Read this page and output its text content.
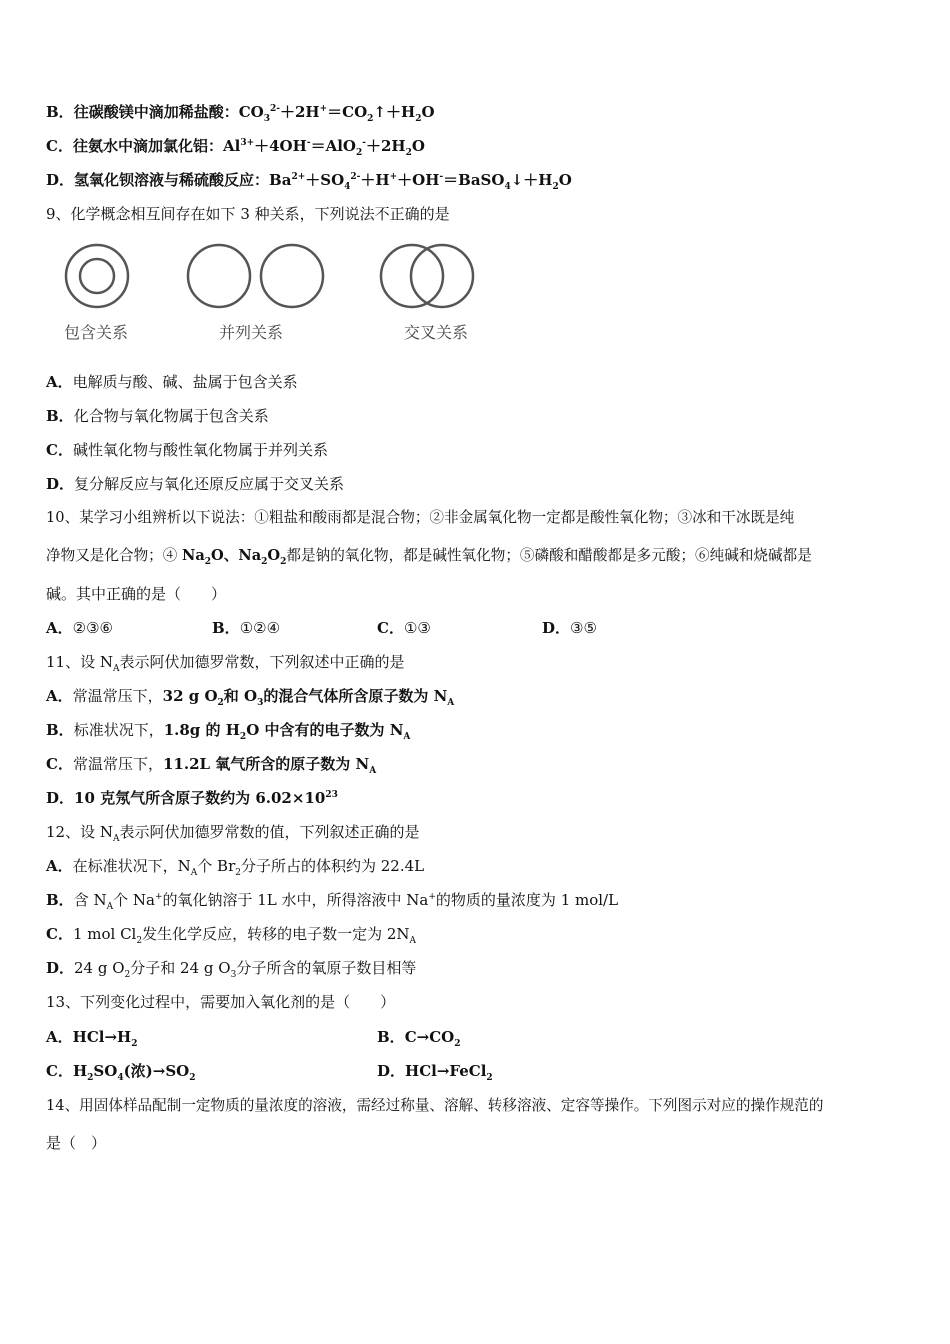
B．往碳酸镁中滴加稀盐酸：$CO_3^{2-}+2H^+=CO_2↑+H_2O$
C．往氨水中滴加氯化铝：$Al^{3+}+4OH^-=AlO_2^-+2H_2O$
D．氢氧化钡溶液与稀硫酸反应：$Ba^{2+}+SO_4^{2-}+H^++OH^-=BaSO_4↓+H_2O$
9、化学概念相互间存在如下 3 种关系，下列说法不正确的是
包含关系	并列关系	交叉关系
A．电解质与酸、碱、盐属于包含关系
B．化合物与氧化物属于包含关系
C．碱性氧化物与酸性氧化物属于并列关系
D．复分解反应与氧化还原反应属于交叉关系
10、某学习小组辨析以下说法：①粗盐和酸雨都是混合物；②非金属氧化物一定都是酸性氧化物；③冰和干冰既是纯
净物又是化合物；④ $Na_2O$、$Na_2O_2$都是钠的氧化物，都是碱性氧化物；⑤磷酸和醋酸都是多元酸；⑥纯碱和烧碱都是
碱。其中正确的是（　　）
A．②③⑥	B．①②④	C．①③	D．③⑤
11、设 $N_A$表示阿伏加德罗常数，下列叙述中正确的是
A．常温常压下，32 g $O_2$和 $O_3$的混合气体所含原子数为 $N_A$
B．标准状况下，1.8g 的 $H_2O$ 中含有的电子数为 $N_A$
C．常温常压下，11.2L 氧气所含的原子数为 $N_A$
D．10 克氖气所含原子数约为 $6.02\times 10^{23}$
12、设 $N_A$表示阿伏加德罗常数的值，下列叙述正确的是
A．在标准状况下，$N_A$个 $Br_2$分子所占的体积约为 22.4L
B．含 $N_A$个 Na+的氧化钠溶于 1L 水中，所得溶液中 Na+的物质的量浓度为 1 mol/L
C．1 mol $Cl_2$发生化学反应，转移的电子数一定为 $2N_A$
D．24 g $O_2$分子和 24 g $O_3$分子所含的氧原子数目相等
13、下列变化过程中，需要加入氧化剂的是（　　）
A．$HCl\to H_2$	B．$C\to CO_2$
C．$H_2SO_4$(浓)$\to SO_2$	D．HCl→FeCl$_2$
14、用固体样品配制一定物质的量浓度的溶液，需经过称量、溶解、转移溶液、定容等操作。下列图示对应的操作规范的
是（　）
